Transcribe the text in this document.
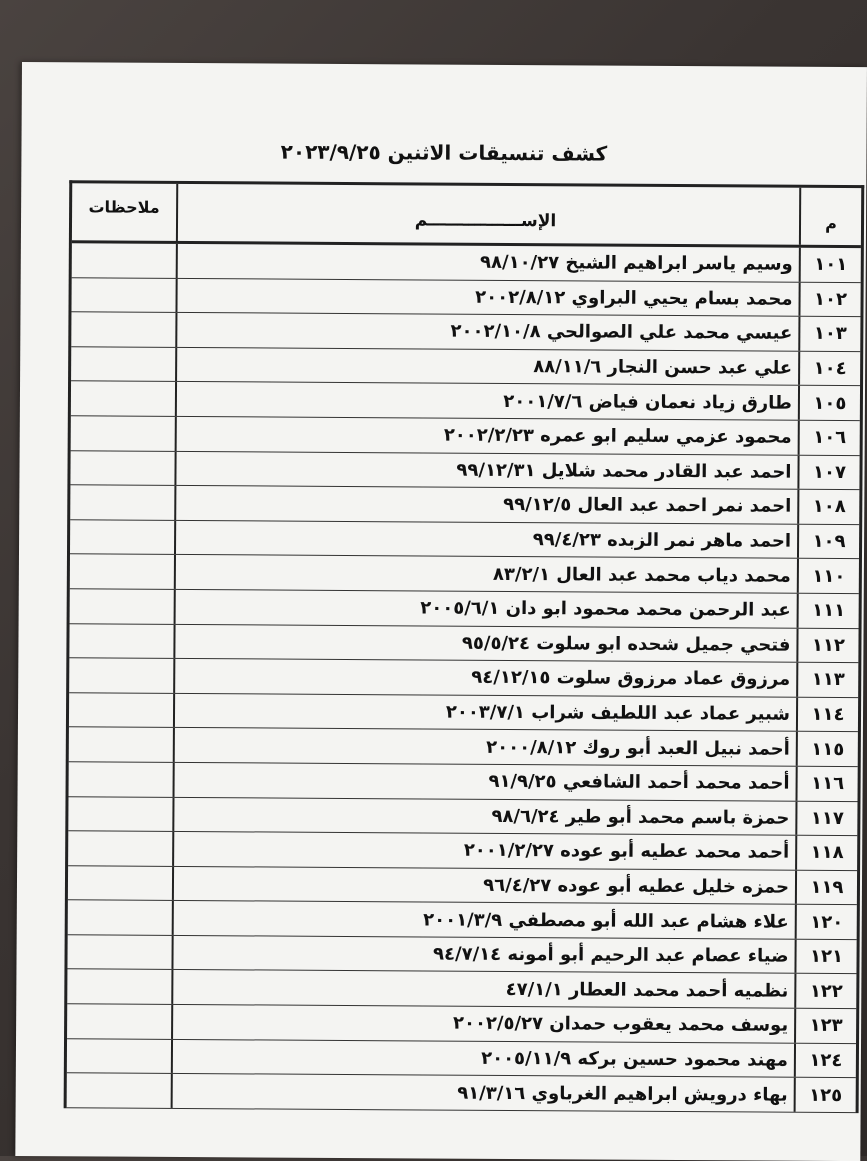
كشف تنسيقات الاثنين ٢٠٢٣/٩/٢٥
م
الإســــــــــــــــم
ملاحظات
١٠١
وسيم ياسر ابراهيم الشيخ ٩٨/١٠/٢٧
١٠٢
محمد بسام يحيي البراوي ٢٠٠٢/٨/١٢
١٠٣
عيسي محمد علي الصوالحي ٢٠٠٢/١٠/٨
١٠٤
علي عبد حسن النجار ٨٨/١١/٦
١٠٥
طارق زياد نعمان فياض ٢٠٠١/٧/٦
١٠٦
محمود عزمي سليم ابو عمره ٢٠٠٢/٢/٢٣
١٠٧
احمد عبد القادر محمد شلايل ٩٩/١٢/٣١
١٠٨
احمد نمر احمد عبد العال ٩٩/١٢/٥
١٠٩
احمد ماهر نمر الزبده ٩٩/٤/٢٣
١١٠
محمد دياب محمد عبد العال ٨٣/٢/١
١١١
عبد الرحمن محمد محمود ابو دان ٢٠٠٥/٦/١
١١٢
فتحي جميل شحده ابو سلوت ٩٥/٥/٢٤
١١٣
مرزوق عماد مرزوق سلوت ٩٤/١٢/١٥
١١٤
شبير عماد عبد اللطيف شراب ٢٠٠٣/٧/١
١١٥
أحمد نبيل العبد أبو روك ٢٠٠٠/٨/١٢
١١٦
أحمد محمد أحمد الشافعي ٩١/٩/٢٥
١١٧
حمزة باسم محمد أبو طير ٩٨/٦/٢٤
١١٨
أحمد محمد عطيه أبو عوده ٢٠٠١/٢/٢٧
١١٩
حمزه خليل عطيه أبو عوده ٩٦/٤/٢٧
١٢٠
علاء هشام عبد الله أبو مصطفي ٢٠٠١/٣/٩
١٢١
ضياء عصام عبد الرحيم أبو أمونه ٩٤/٧/١٤
١٢٢
نظميه أحمد محمد العطار ٤٧/١/١
١٢٣
يوسف محمد يعقوب حمدان ٢٠٠٢/٥/٢٧
١٢٤
مهند محمود حسين بركه ٢٠٠٥/١١/٩
١٢٥
بهاء درويش ابراهيم الغرباوي ٩١/٣/١٦
